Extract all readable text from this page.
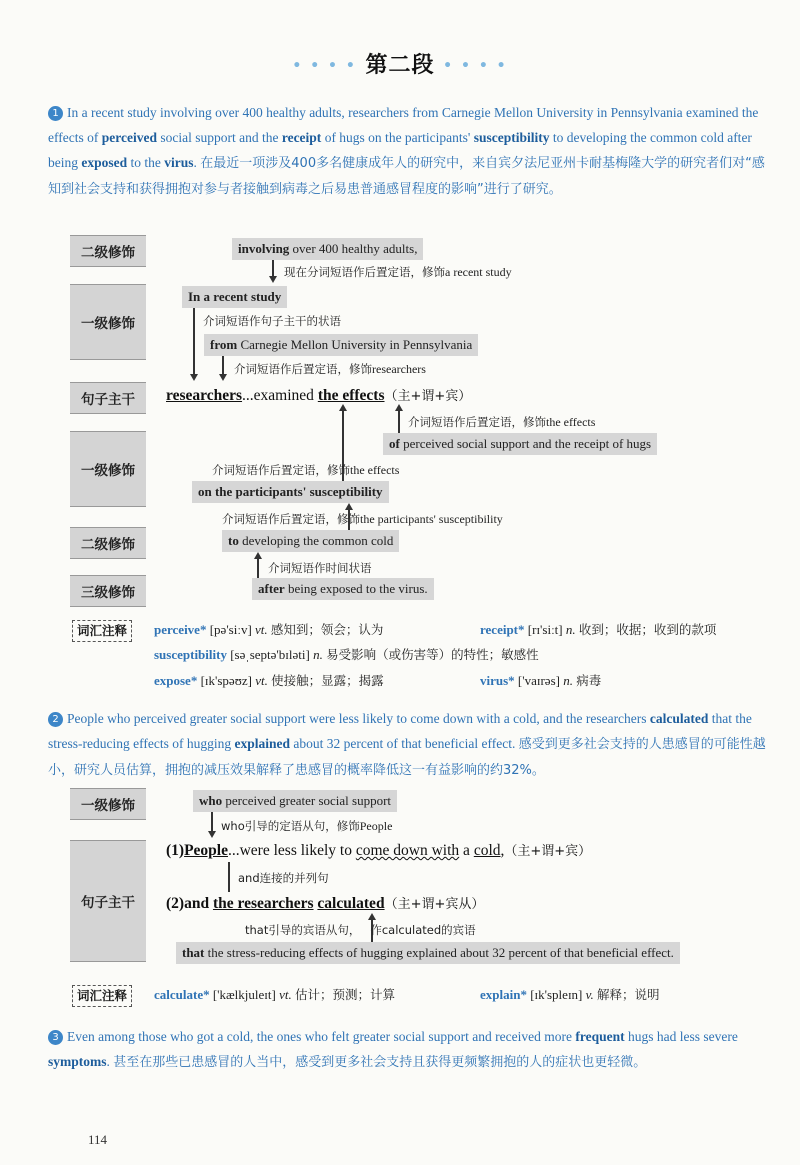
• • • • 第二段 • • • •
1 In a recent study involving over 400 healthy adults, researchers from Carnegie Mellon University in Pennsylvania examined the effects of perceived social support and the receipt of hugs on the participants' susceptibility to developing the common cold after being exposed to the virus. 在最近一项涉及400多名健康成年人的研究中，来自宾夕法尼亚州卡耐基梅隆大学的研究者们对“感知到社会支持和获得拥抱对参与者接触到病毒之后易患普通感冒程度的影响”进行了研究。
二级修饰
一级修饰
句子主干
一级修饰
二级修饰
三级修饰
involving over 400 healthy adults,
现在分词短语作后置定语，修饰a recent study
In a recent study
介词短语作句子主干的状语
from Carnegie Mellon University in Pennsylvania
介词短语作后置定语，修饰researchers
researchers...examined the effects（主+谓+宾）
介词短语作后置定语，修饰the effects
of perceived social support and the receipt of hugs
介词短语作后置定语，修饰the effects
on the participants' susceptibility
介词短语作后置定语，修饰the participants' susceptibility
to developing the common cold
介词短语作时间状语
after being exposed to the virus.
词汇注释	perceive* [pə'siːv] vt. 感知到；领会；认为	receipt* [rɪ'siːt] n. 收到；收据；收到的款项
susceptibility [səˌseptə'bɪləti] n. 易受影响（或伤害等）的特性；敏感性
expose* [ɪk'spəʊz] vt. 使接触；显露；揭露	virus* ['vaɪrəs] n. 病毒
2 People who perceived greater social support were less likely to come down with a cold, and the researchers calculated that the stress-reducing effects of hugging explained about 32 percent of that beneficial effect. 感受到更多社会支持的人患感冒的可能性越小，研究人员估算，拥抱的减压效果解释了患感冒的概率降低这一有益影响的约32%。
一级修饰
句子主干
who perceived greater social support
who引导的定语从句，修饰People
(1)People...were less likely to come down with a cold,（主+谓+宾）
and连接的并列句
(2)and the researchers calculated（主+谓+宾从）
that引导的宾语从句， 作calculated的宾语
that the stress-reducing effects of hugging explained about 32 percent of that beneficial effect.
词汇注释	calculate* ['kælkjuleɪt] vt. 估计；预测；计算	explain* [ɪk'spleɪn] v. 解释；说明
3 Even among those who got a cold, the ones who felt greater social support and received more frequent hugs had less severe symptoms. 甚至在那些已患感冒的人当中，感受到更多社会支持且获得更频繁拥抱的人的症状也更轻微。
114
